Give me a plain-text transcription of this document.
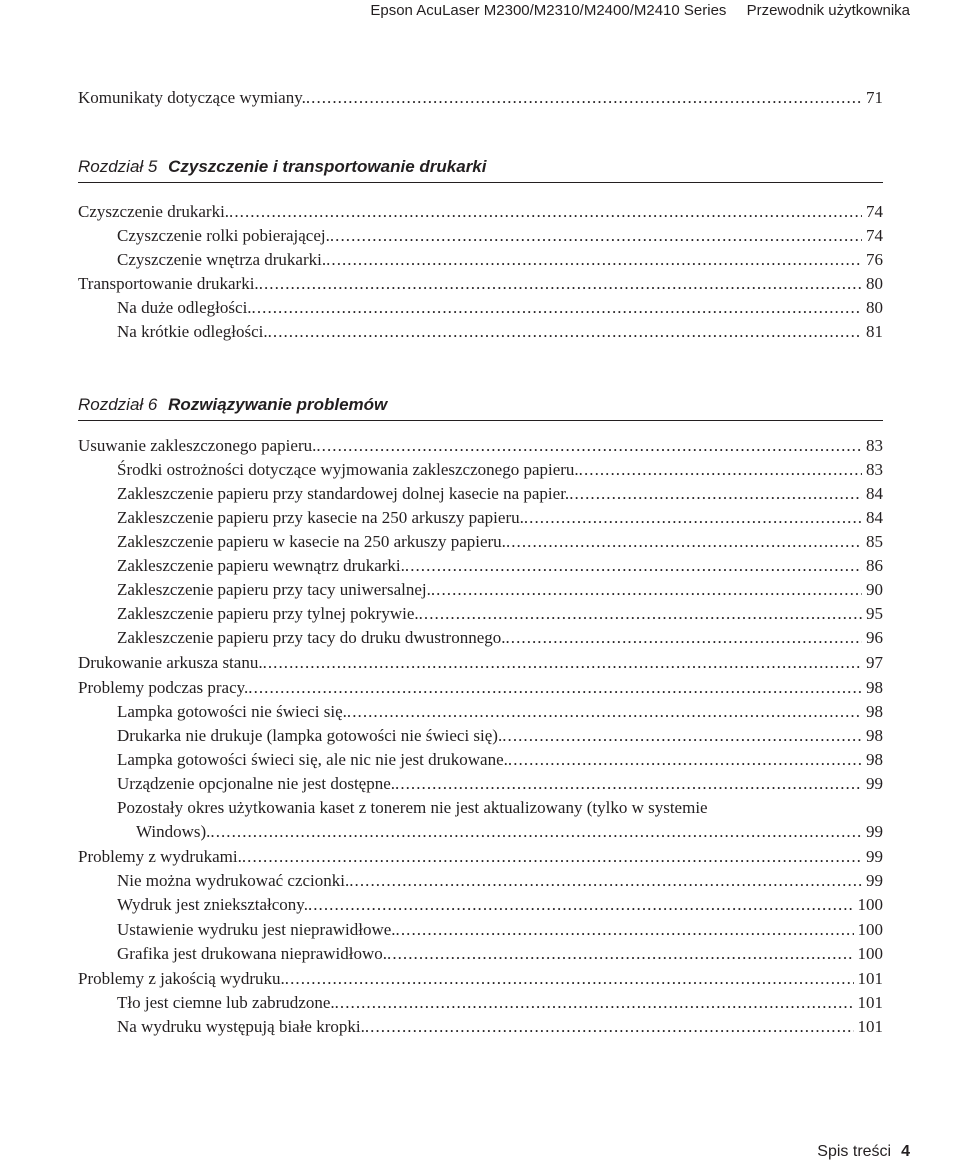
Epson AcuLaser M2300/M2310/M2400/M2410 Series Przewodnik użytkownika
Komunikaty dotyczące wymiany. . . .	71
Rozdział 5 Czyszczenie i transportowanie drukarki
Czyszczenie drukarki. . . .	74
Czyszczenie rolki pobierającej. . . .	74
Czyszczenie wnętrza drukarki. . . .	76
Transportowanie drukarki. . . .	80
Na duże odległości. . . .	80
Na krótkie odległości. . . .	81
Rozdział 6 Rozwiązywanie problemów
Usuwanie zakleszczonego papieru. . . .	83
Środki ostrożności dotyczące wyjmowania zakleszczonego papieru. . . .	83
Zakleszczenie papieru przy standardowej dolnej kasecie na papier. . . .	84
Zakleszczenie papieru przy kasecie na 250 arkuszy papieru. . . .	84
Zakleszczenie papieru w kasecie na 250 arkuszy papieru. . . .	85
Zakleszczenie papieru wewnątrz drukarki. . . .	86
Zakleszczenie papieru przy tacy uniwersalnej. . . .	90
Zakleszczenie papieru przy tylnej pokrywie. . . .	95
Zakleszczenie papieru przy tacy do druku dwustronnego. . . .	96
Drukowanie arkusza stanu. . . .	97
Problemy podczas pracy. . . .	98
Lampka gotowości nie świeci się. . . .	98
Drukarka nie drukuje (lampka gotowości nie świeci się). . . .	98
Lampka gotowości świeci się, ale nic nie jest drukowane. . . .	98
Urządzenie opcjonalne nie jest dostępne. . . .	99
Pozostały okres użytkowania kaset z tonerem nie jest aktualizowany (tylko w systemie
Windows). . . .	99
Problemy z wydrukami. . . .	99
Nie można wydrukować czcionki. . . .	99
Wydruk jest zniekształcony. . . .	100
Ustawienie wydruku jest nieprawidłowe. . . .	100
Grafika jest drukowana nieprawidłowo. . . .	100
Problemy z jakością wydruku. . . .	101
Tło jest ciemne lub zabrudzone. . . .	101
Na wydruku występują białe kropki. . . .	101
Spis treści 4
